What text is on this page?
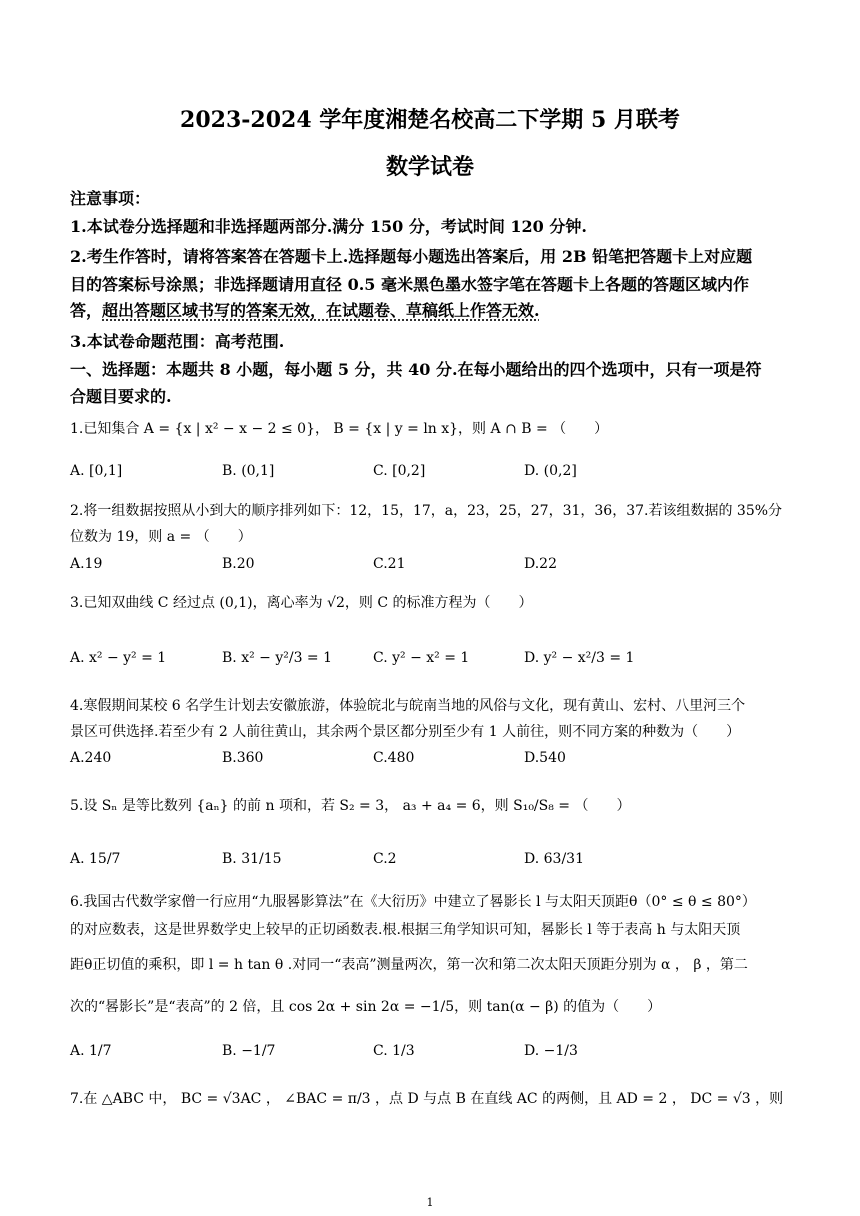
2023-2024 学年度湘楚名校高二下学期 5 月联考
数学试卷
注意事项：
1.本试卷分选择题和非选择题两部分.满分 150 分，考试时间 120 分钟.
2.考生作答时，请将答案答在答题卡上.选择题每小题选出答案后，用 2B 铅笔把答题卡上对应题
目的答案标号涂黑；非选择题请用直径 0.5 毫米黑色墨水签字笔在答题卡上各题的答题区域内作
答，超出答题区域书写的答案无效，在试题卷、草稿纸上作答无效.
3.本试卷命题范围：高考范围.
一、选择题：本题共 8 小题，每小题 5 分，共 40 分.在每小题给出的四个选项中，只有一项是符
合题目要求的.
1.已知集合 A = {x | x² − x − 2 ≤ 0}， B = {x | y = ln x}，则 A ∩ B = （　　）
A. [0,1]	B. (0,1]	C. [0,2]	D. (0,2]
2.将一组数据按照从小到大的顺序排列如下：12，15，17，a，23，25，27，31，36，37.若该组数据的 35%分
位数为 19，则 a = （　　）
A.19	B.20	C.21	D.22
3.已知双曲线 C 经过点 (0,1)，离心率为 √2，则 C 的标准方程为（　　）
A. x² − y² = 1	B. x² − y²/3 = 1	C. y² − x² = 1	D. y² − x²/3 = 1
4.寒假期间某校 6 名学生计划去安徽旅游，体验皖北与皖南当地的风俗与文化，现有黄山、宏村、八里河三个
景区可供选择.若至少有 2 人前往黄山，其余两个景区都分别至少有 1 人前往，则不同方案的种数为（　　）
A.240	B.360	C.480	D.540
5.设 Sₙ 是等比数列 {aₙ} 的前 n 项和，若 S₂ = 3， a₃ + a₄ = 6，则 S₁₀/S₈ = （　　）
A. 15/7	B. 31/15	C.2	D. 63/31
6.我国古代数学家僧一行应用“九服晷影算法”在《大衍历》中建立了晷影长 l 与太阳天顶距θ（0° ≤ θ ≤ 80°）
的对应数表，这是世界数学史上较早的正切函数表.根.根据三角学知识可知，晷影长 l 等于表高 h 与太阳天顶
距θ正切值的乘积，即 l = h tan θ .对同一“表高”测量两次，第一次和第二次太阳天顶距分别为 α ， β ，第二
次的“晷影长”是“表高”的 2 倍，且 cos 2α + sin 2α = −1/5，则 tan(α − β) 的值为（　　）
A. 1/7	B. −1/7	C. 1/3	D. −1/3
7.在 △ABC 中， BC = √3AC ， ∠BAC = π/3 ，点 D 与点 B 在直线 AC 的两侧，且 AD = 2 ， DC = √3 ，则
1
